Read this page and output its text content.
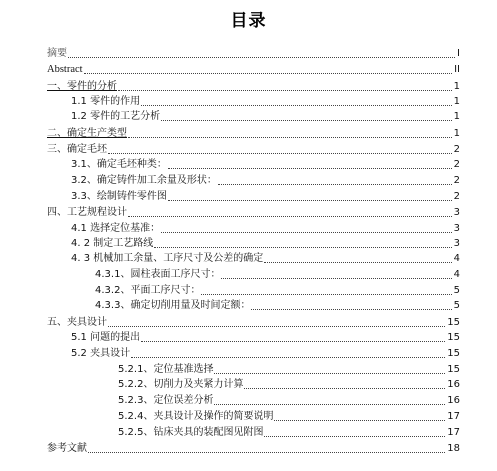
目录
摘要	I
Abstract	II
一、零件的分析	1
1.1 零件的作用	1
1.2 零件的工艺分析	1
二、确定生产类型	1
三、确定毛坯	2
3.1、确定毛坯种类：	2
3.2、确定铸件加工余量及形状：	2
3.3、绘制铸件零件图	2
四、工艺规程设计	3
4.1 选择定位基准：	3
4. 2 制定工艺路线	3
4. 3 机械加工余量、工序尺寸及公差的确定	4
4.3.1、圆柱表面工序尺寸：	4
4.3.2、平面工序尺寸：	5
4.3.3、确定切削用量及时间定额：	5
五、夹具设计	15
5.1 问题的提出	15
5.2 夹具设计	15
5.2.1、定位基准选择	15
5.2.2、切削力及夹紧力计算	16
5.2.3、定位误差分析	16
5.2.4、夹具设计及操作的简要说明	17
5.2.5、钻床夹具的装配图见附图	17
参考文献	18
